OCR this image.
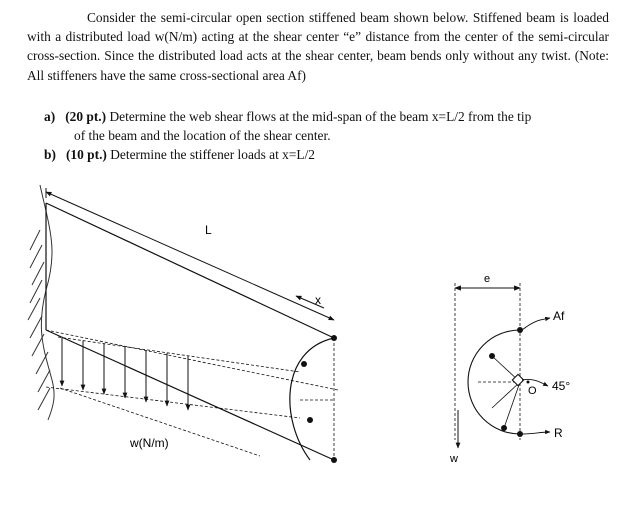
Consider the semi-circular open section stiffened beam shown below. Stiffened beam is loaded with a distributed load w(N/m) acting at the shear center “e” distance from the center of the semi-circular cross-section. Since the distributed load acts at the shear center, beam bends only without any twist. (Note: All stiffeners have the same cross-sectional area Af)
a) (20 pt.) Determine the web shear flows at the mid-span of the beam x=L/2 from the tip
of the beam and the location of the shear center.
b) (10 pt.) Determine the stiffener loads at x=L/2
L
x
w(N/m)
e
Af
45°
O
R
w
